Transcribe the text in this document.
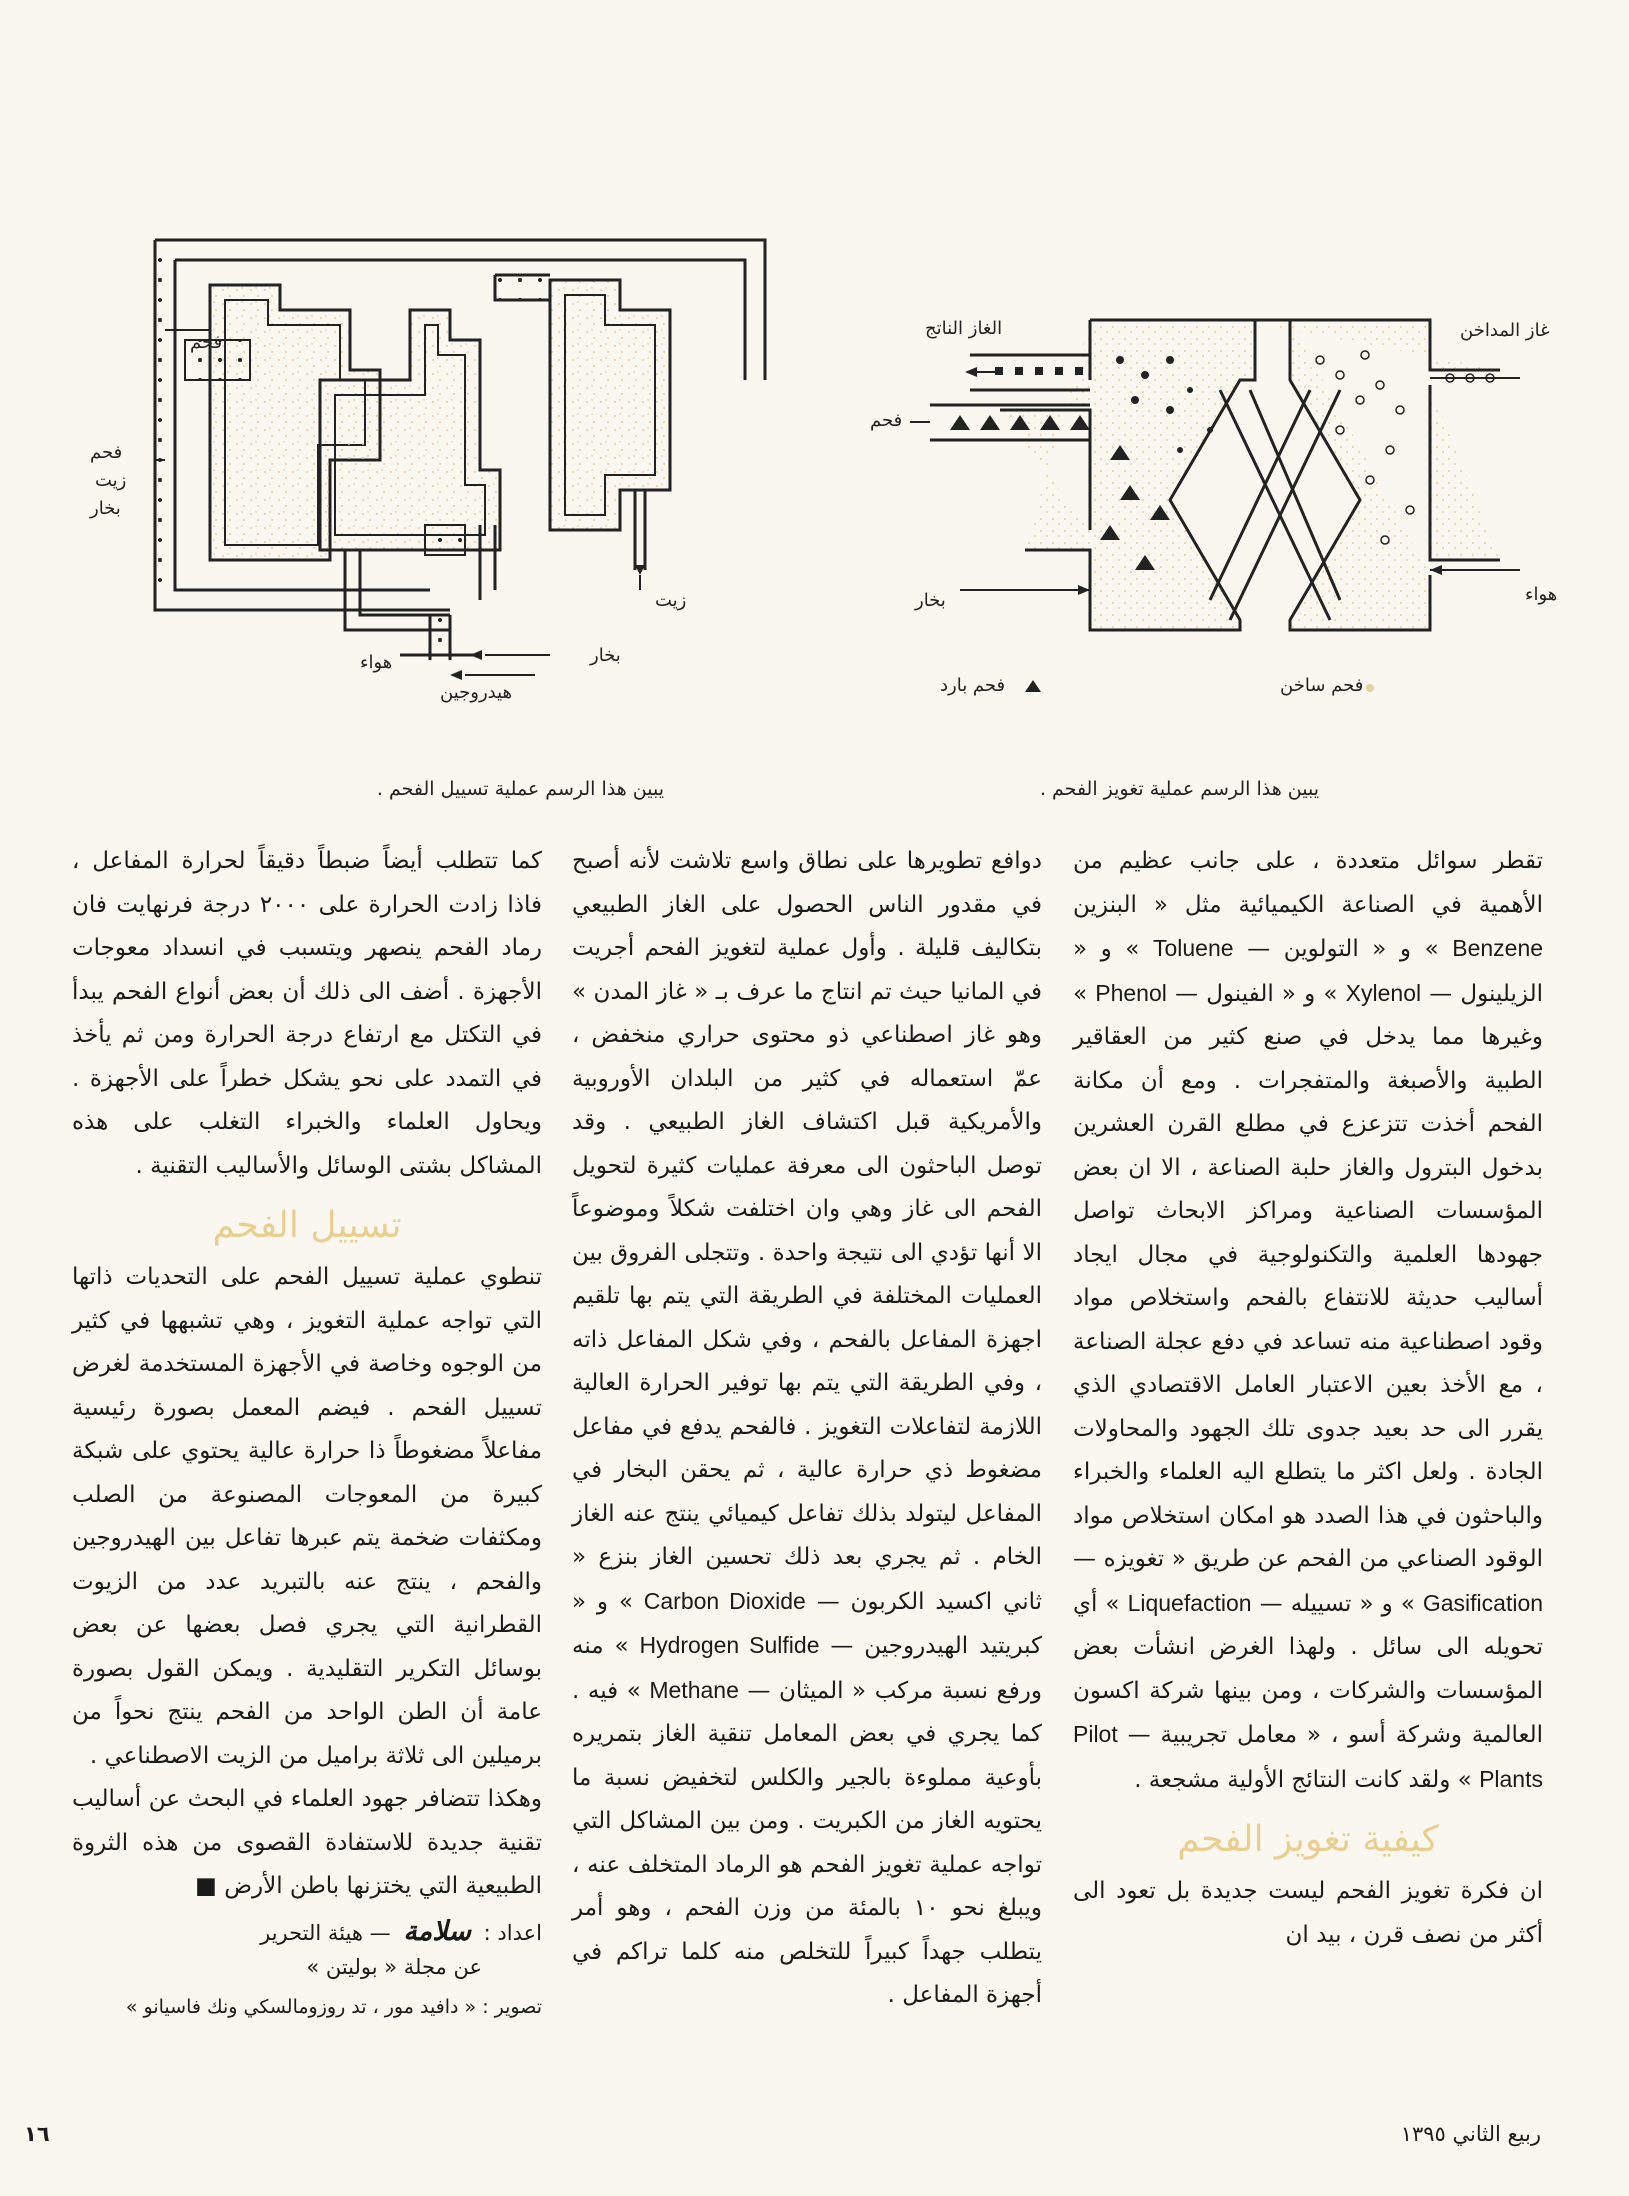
فحم
فحم
زيت
بخار
زيت
بخار
هواء
هيدروجين
غاز المداخن
الغاز الناتج
فحم
هواء
بخار
فحم ساخن
فحم بارد
يبين هذا الرسم عملية تغويز الفحم .
يبين هذا الرسم عملية تسييل الفحم .

تقطر سوائل متعددة ، على جانب عظيم من الأهمية في الصناعة الكيميائية مثل « البنزين Benzene » و « التولوين — Toluene » و « الزيلينول — Xylenol » و « الفينول — Phenol » وغيرها مما يدخل في صنع كثير من العقاقير الطبية والأصبغة والمتفجرات . ومع أن مكانة الفحم أخذت تتزعزع في مطلع القرن العشرين بدخول البترول والغاز حلبة الصناعة ، الا ان بعض المؤسسات الصناعية ومراكز الابحاث تواصل جهودها العلمية والتكنولوجية في مجال ايجاد أساليب حديثة للانتفاع بالفحم واستخلاص مواد وقود اصطناعية منه تساعد في دفع عجلة الصناعة ، مع الأخذ بعين الاعتبار العامل الاقتصادي الذي يقرر الى حد بعيد جدوى تلك الجهود والمحاولات الجادة . ولعل اكثر ما يتطلع اليه العلماء والخبراء والباحثون في هذا الصدد هو امكان استخلاص مواد الوقود الصناعي من الفحم عن طريق « تغويزه — Gasification » و « تسييله — Liquefaction » أي تحويله الى سائل . ولهذا الغرض انشأت بعض المؤسسات والشركات ، ومن بينها شركة اكسون العالمية وشركة أسو ، « معامل تجريبية — Pilot Plants » ولقد كانت النتائج الأولية مشجعة .

كيفية تغويز الفحم

ان فكرة تغويز الفحم ليست جديدة بل تعود الى أكثر من نصف قرن ، بيد ان

دوافع تطويرها على نطاق واسع تلاشت لأنه أصبح في مقدور الناس الحصول على الغاز الطبيعي بتكاليف قليلة . وأول عملية لتغويز الفحم أجريت في المانيا حيث تم انتاج ما عرف بـ « غاز المدن » وهو غاز اصطناعي ذو محتوى حراري منخفض ، عمّ استعماله في كثير من البلدان الأوروبية والأمريكية قبل اكتشاف الغاز الطبيعي . وقد توصل الباحثون الى معرفة عمليات كثيرة لتحويل الفحم الى غاز وهي وان اختلفت شكلاً وموضوعاً الا أنها تؤدي الى نتيجة واحدة . وتتجلى الفروق بين العمليات المختلفة في الطريقة التي يتم بها تلقيم اجهزة المفاعل بالفحم ، وفي شكل المفاعل ذاته ، وفي الطريقة التي يتم بها توفير الحرارة العالية اللازمة لتفاعلات التغويز . فالفحم يدفع في مفاعل مضغوط ذي حرارة عالية ، ثم يحقن البخار في المفاعل ليتولد بذلك تفاعل كيميائي ينتج عنه الغاز الخام . ثم يجري بعد ذلك تحسين الغاز بنزع « ثاني اكسيد الكربون — Carbon Dioxide » و « كبريتيد الهيدروجين — Hydrogen Sulfide » منه ورفع نسبة مركب « الميثان — Methane » فيه . كما يجري في بعض المعامل تنقية الغاز بتمريره بأوعية مملوءة بالجير والكلس لتخفيض نسبة ما يحتويه الغاز من الكبريت . ومن بين المشاكل التي تواجه عملية تغويز الفحم هو الرماد المتخلف عنه ، ويبلغ نحو ١٠ بالمئة من وزن الفحم ، وهو أمر يتطلب جهداً كبيراً للتخلص منه كلما تراكم في أجهزة المفاعل .

كما تتطلب أيضاً ضبطاً دقيقاً لحرارة المفاعل ، فاذا زادت الحرارة على ٢٠٠٠ درجة فرنهايت فان رماد الفحم ينصهر ويتسبب في انسداد معوجات الأجهزة . أضف الى ذلك أن بعض أنواع الفحم يبدأ في التكتل مع ارتفاع درجة الحرارة ومن ثم يأخذ في التمدد على نحو يشكل خطراً على الأجهزة . ويحاول العلماء والخبراء التغلب على هذه المشاكل بشتى الوسائل والأساليب التقنية .

تسييل الفحم

تنطوي عملية تسييل الفحم على التحديات ذاتها التي تواجه عملية التغويز ، وهي تشبهها في كثير من الوجوه وخاصة في الأجهزة المستخدمة لغرض تسييل الفحم . فيضم المعمل بصورة رئيسية مفاعلاً مضغوطاً ذا حرارة عالية يحتوي على شبكة كبيرة من المعوجات المصنوعة من الصلب ومكثفات ضخمة يتم عبرها تفاعل بين الهيدروجين والفحم ، ينتج عنه بالتبريد عدد من الزيوت القطرانية التي يجري فصل بعضها عن بعض بوسائل التكرير التقليدية . ويمكن القول بصورة عامة أن الطن الواحد من الفحم ينتج نحواً من برميلين الى ثلاثة براميل من الزيت الاصطناعي .

وهكذا تتضافر جهود العلماء في البحث عن أساليب تقنية جديدة للاستفادة القصوى من هذه الثروة الطبيعية التي يختزنها باطن الأرض ■

اعداد : سلامة — هيئة التحرير
عن مجلة « بوليتن »
تصوير : « دافيد مور ، تد روزومالسكي ونك فاسيانو »
ربيع الثاني ١٣٩٥
١٦
